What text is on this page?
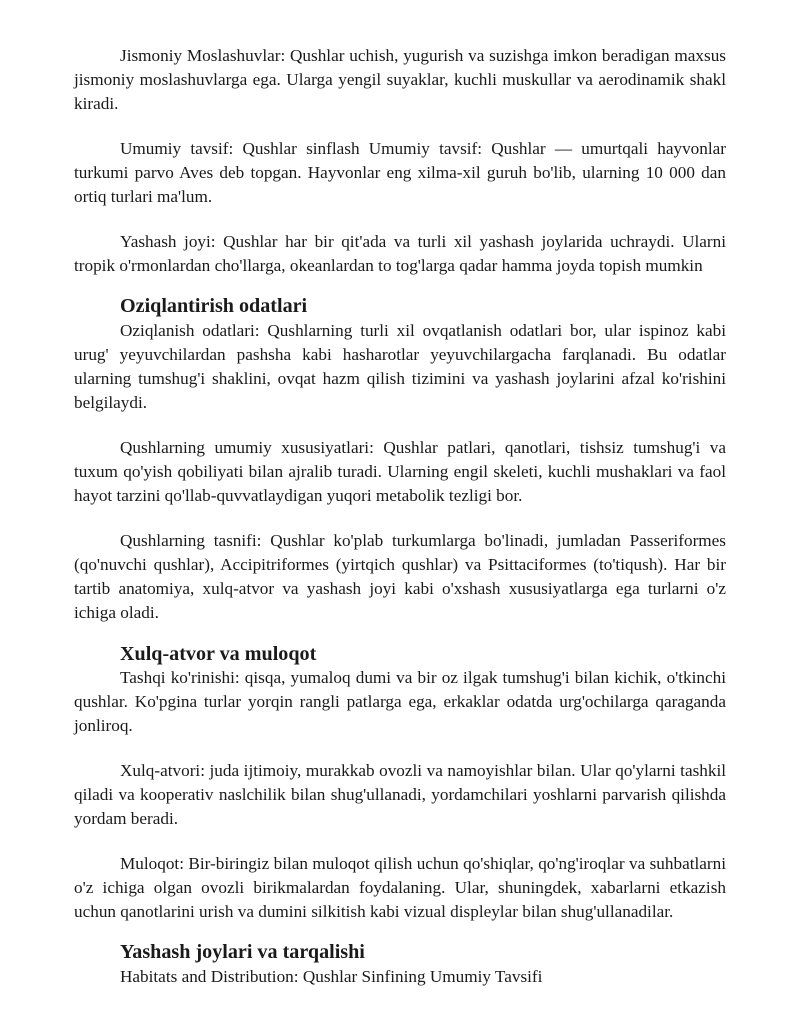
Jismoniy Moslashuvlar: Qushlar uchish, yugurish va suzishga imkon beradigan maxsus jismoniy moslashuvlarga ega. Ularga yengil suyaklar, kuchli muskullar va aerodinamik shakl kiradi.

Umumiy tavsif: Qushlar sinflash Umumiy tavsif: Qushlar — umurtqali hayvonlar turkumi parvo Aves deb topgan. Hayvonlar eng xilma-xil guruh bo'lib, ularning 10 000 dan ortiq turlari ma'lum.

Yashash joyi: Qushlar har bir qit'ada va turli xil yashash joylarida uchraydi. Ularni tropik o'rmonlardan cho'llarga, okeanlardan to tog'larga qadar hamma joyda topish mumkin

Oziqlantirish odatlari

Oziqlanish odatlari: Qushlarning turli xil ovqatlanish odatlari bor, ular ispinoz kabi urug' yeyuvchilardan pashsha kabi hasharotlar yeyuvchilargacha farqlanadi. Bu odatlar ularning tumshug'i shaklini, ovqat hazm qilish tizimini va yashash joylarini afzal ko'rishini belgilaydi.

Qushlarning umumiy xususiyatlari: Qushlar patlari, qanotlari, tishsiz tumshug'i va tuxum qo'yish qobiliyati bilan ajralib turadi. Ularning engil skeleti, kuchli mushaklari va faol hayot tarzini qo'llab-quvvatlaydigan yuqori metabolik tezligi bor.

Qushlarning tasnifi: Qushlar ko'plab turkumlarga bo'linadi, jumladan Passeriformes (qo'nuvchi qushlar), Accipitriformes (yirtqich qushlar) va Psittaciformes (to'tiqush). Har bir tartib anatomiya, xulq-atvor va yashash joyi kabi o'xshash xususiyatlarga ega turlarni o'z ichiga oladi.

Xulq-atvor va muloqot

Tashqi ko'rinishi: qisqa, yumaloq dumi va bir oz ilgak tumshug'i bilan kichik, o'tkinchi qushlar. Ko'pgina turlar yorqin rangli patlarga ega, erkaklar odatda urg'ochilarga qaraganda jonliroq.

Xulq-atvori: juda ijtimoiy, murakkab ovozli va namoyishlar bilan. Ular qo'ylarni tashkil qiladi va kooperativ naslchilik bilan shug'ullanadi, yordamchilari yoshlarni parvarish qilishda yordam beradi.

Muloqot: Bir-biringiz bilan muloqot qilish uchun qo'shiqlar, qo'ng'iroqlar va suhbatlarni o'z ichiga olgan ovozli birikmalardan foydalaning. Ular, shuningdek, xabarlarni etkazish uchun qanotlarini urish va dumini silkitish kabi vizual displeylar bilan shug'ullanadilar.

Yashash joylari va tarqalishi

Habitats and Distribution: Qushlar Sinfining Umumiy Tavsifi
